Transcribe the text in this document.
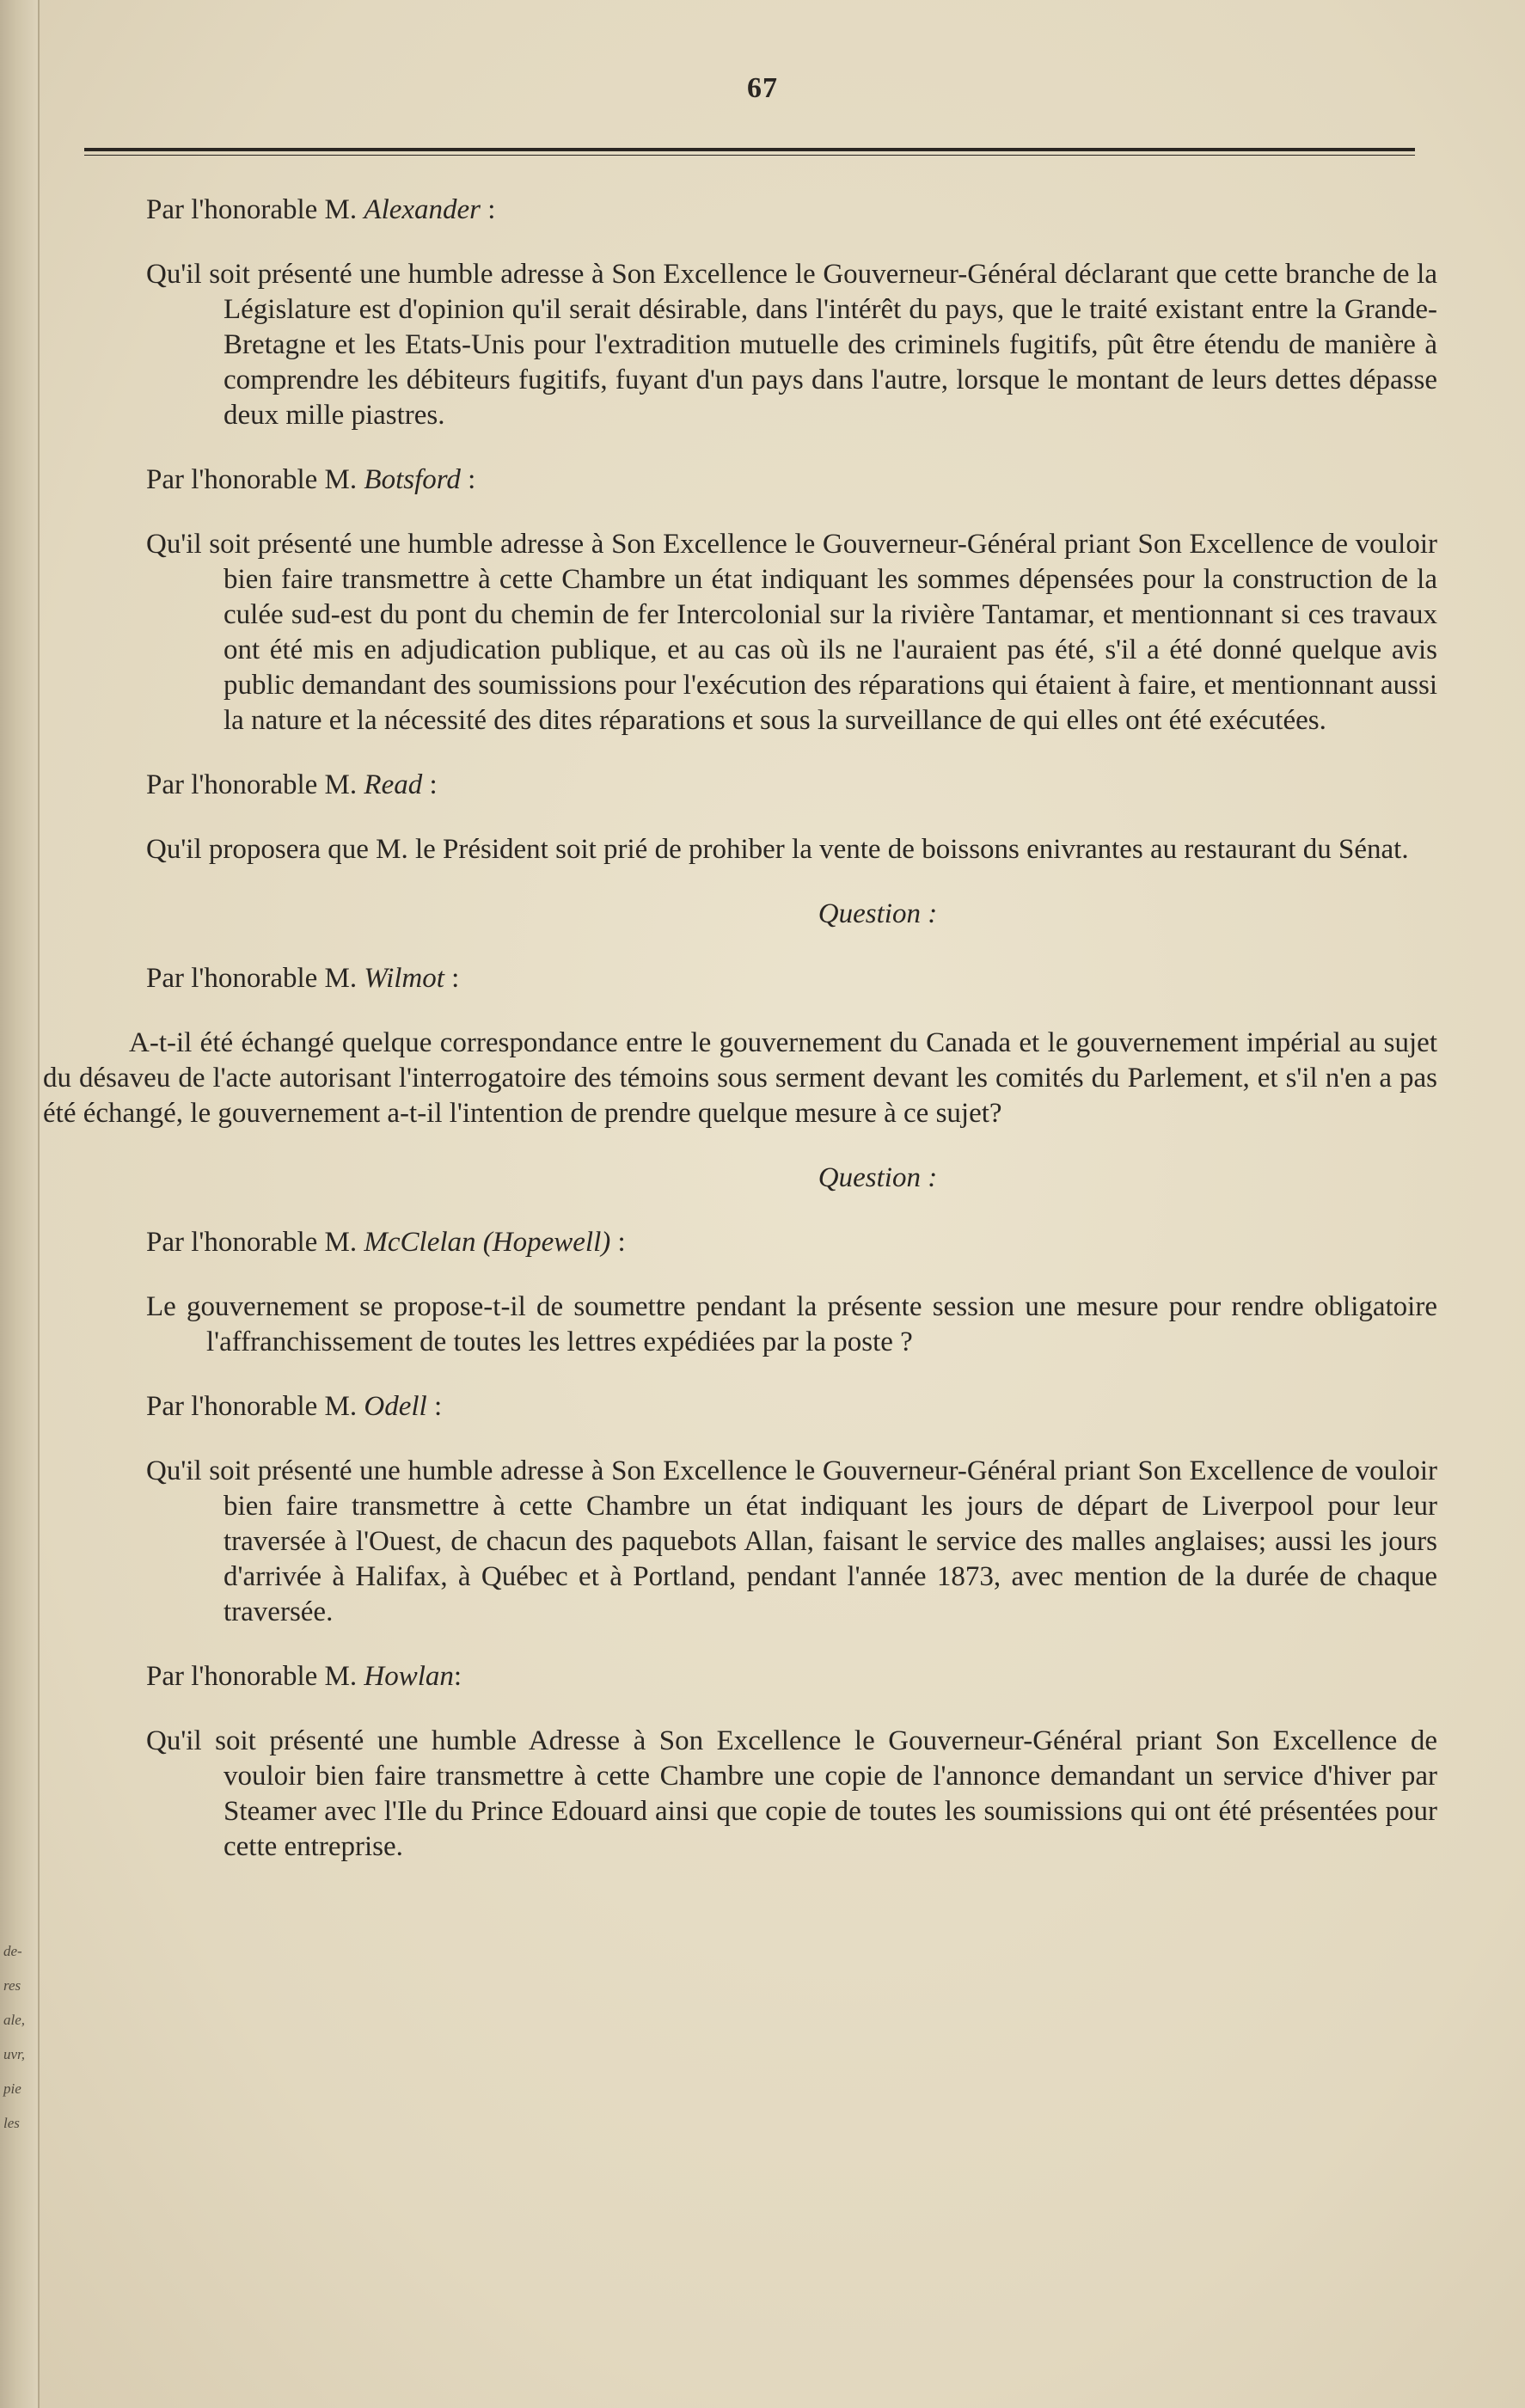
de-
res
ale,
uvr,
pie
les
67
Par l'honorable M. Alexander :
Qu'il soit présenté une humble adresse à Son Excellence le Gouverneur-Général déclarant que cette branche de la Législature est d'opinion qu'il serait désirable, dans l'intérêt du pays, que le traité existant entre la Grande-Bretagne et les Etats-Unis pour l'extradition mutuelle des criminels fugitifs, pût être étendu de manière à comprendre les débiteurs fugitifs, fuyant d'un pays dans l'autre, lorsque le montant de leurs dettes dépasse deux mille piastres.
Par l'honorable M. Botsford :
Qu'il soit présenté une humble adresse à Son Excellence le Gouverneur-Général priant Son Excellence de vouloir bien faire transmettre à cette Chambre un état indiquant les sommes dépensées pour la construction de la culée sud-est du pont du chemin de fer Intercolonial sur la rivière Tantamar, et mentionnant si ces travaux ont été mis en adjudication publique, et au cas où ils ne l'auraient pas été, s'il a été donné quelque avis public demandant des soumissions pour l'exécution des réparations qui étaient à faire, et mentionnant aussi la nature et la nécessité des dites réparations et sous la surveillance de qui elles ont été exécutées.
Par l'honorable M. Read :
Qu'il proposera que M. le Président soit prié de prohiber la vente de boissons enivrantes au restaurant du Sénat.
Question :
Par l'honorable M. Wilmot :
A-t-il été échangé quelque correspondance entre le gouvernement du Canada et le gouvernement impérial au sujet du désaveu de l'acte autorisant l'interrogatoire des témoins sous serment devant les comités du Parlement, et s'il n'en a pas été échangé, le gouvernement a-t-il l'intention de prendre quelque mesure à ce sujet?
Question :
Par l'honorable M. McClelan (Hopewell) :
Le gouvernement se propose-t-il de soumettre pendant la présente session une mesure pour rendre obligatoire l'affranchissement de toutes les lettres expédiées par la poste ?
Par l'honorable M. Odell :
Qu'il soit présenté une humble adresse à Son Excellence le Gouverneur-Général priant Son Excellence de vouloir bien faire transmettre à cette Chambre un état indiquant les jours de départ de Liverpool pour leur traversée à l'Ouest, de chacun des paquebots Allan, faisant le service des malles anglaises; aussi les jours d'arrivée à Halifax, à Québec et à Portland, pendant l'année 1873, avec mention de la durée de chaque traversée.
Par l'honorable M. Howlan:
Qu'il soit présenté une humble Adresse à Son Excellence le Gouverneur-Général priant Son Excellence de vouloir bien faire transmettre à cette Chambre une copie de l'annonce demandant un service d'hiver par Steamer avec l'Ile du Prince Edouard ainsi que copie de toutes les soumissions qui ont été présentées pour cette entreprise.
